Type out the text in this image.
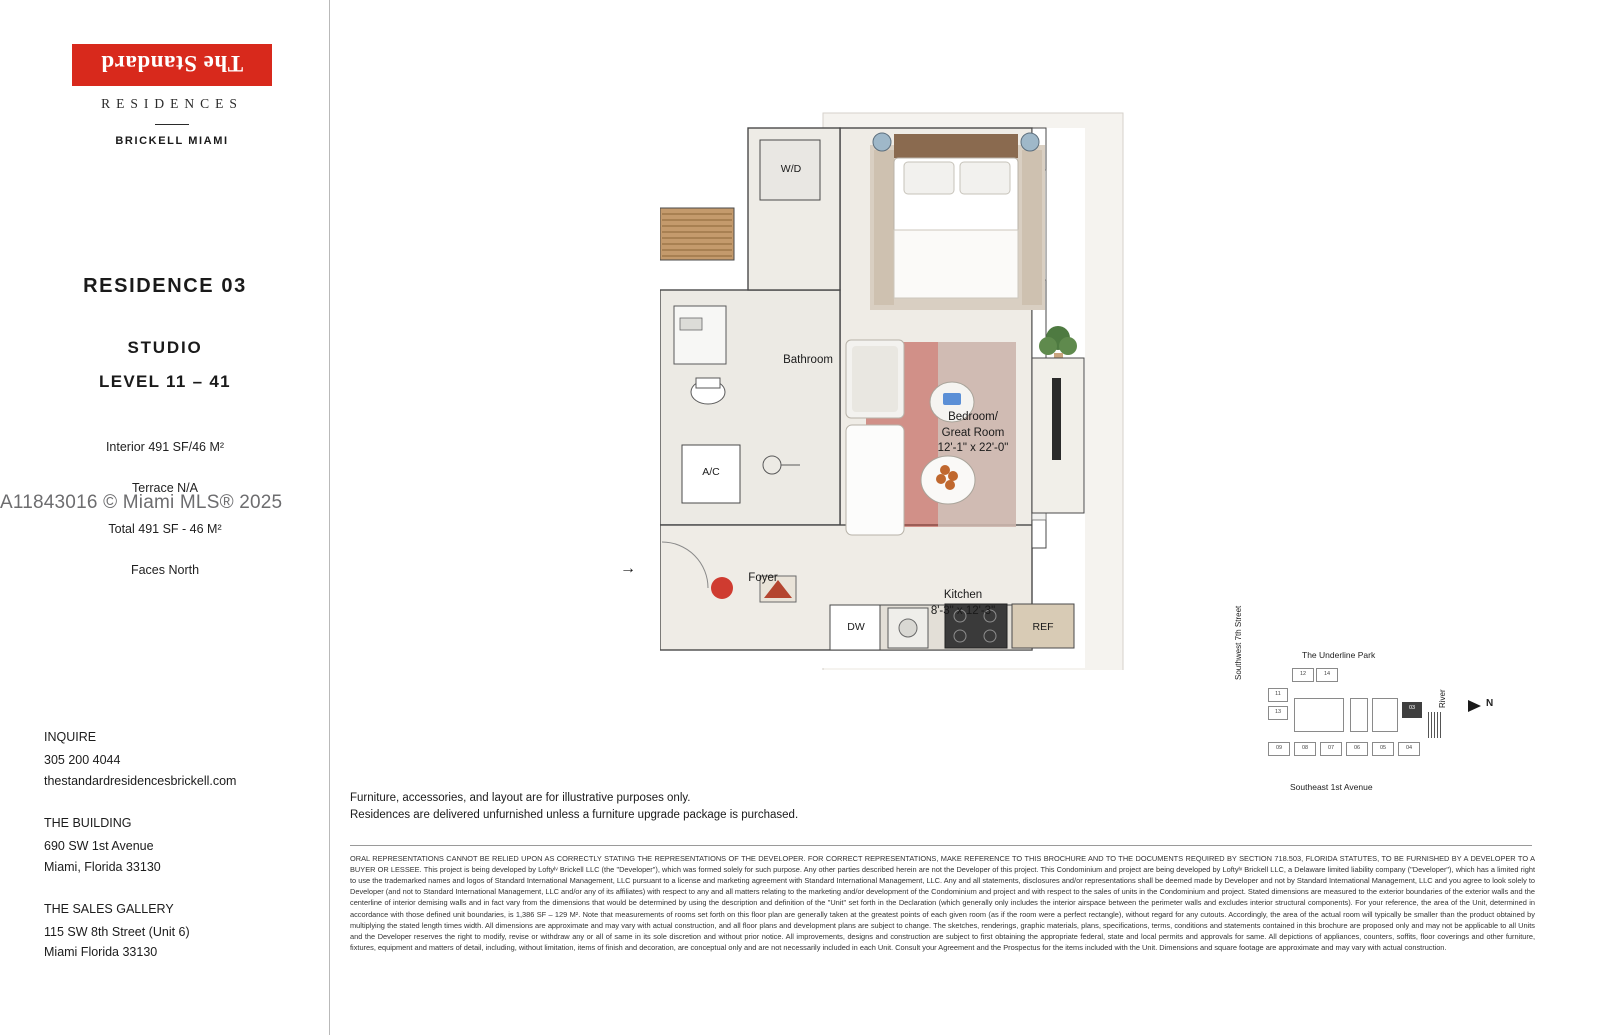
The Standard
RESIDENCES
BRICKELL MIAMI
RESIDENCE 03
STUDIO
LEVEL 11 – 41
Interior 491 SF/46 M²
Terrace N/A
Total 491 SF - 46 M²
Faces North
INQUIRE
305 200 4044
thestandardresidencesbrickell.com
THE BUILDING
690 SW 1st Avenue
Miami, Florida 33130
THE SALES GALLERY
115 SW 8th Street (Unit 6)
Miami Florida 33130
A11843016 © Miami MLS® 2025
Bedroom/
Great Room
12'-1" x 22'-0"
Bathroom
Foyer
Kitchen
8'-3" x 12'-3"
W/D
A/C
DW	REF
→
Furniture, accessories, and layout are for illustrative purposes only.
Residences are delivered unfurnished unless a furniture upgrade package is purchased.
ORAL REPRESENTATIONS CANNOT BE RELIED UPON AS CORRECTLY STATING THE REPRESENTATIONS OF THE DEVELOPER. FOR CORRECT REPRESENTATIONS, MAKE REFERENCE TO THIS BROCHURE AND TO THE DOCUMENTS REQUIRED BY SECTION 718.503, FLORIDA STATUTES, TO BE FURNISHED BY A DEVELOPER TO A BUYER OR LESSEE. This project is being developed by Loftyᴵᵛ Brickell LLC (the "Developer"), which was formed solely for such purpose. Any other parties described herein are not the Developer of this project. This Condominium and project are being developed by Loftyᴵᵛ Brickell LLC, a Delaware limited liability company ("Developer"), which has a limited right to use the trademarked names and logos of Standard International Management, LLC pursuant to a license and marketing agreement with Standard International Management, LLC. Any and all statements, disclosures and/or representations shall be deemed made by Developer and not by Standard International Management, LLC and you agree to look solely to Developer (and not to Standard International Management, LLC and/or any of its affiliates) with respect to any and all matters relating to the marketing and/or development of the Condominium and project and with respect to the sales of units in the Condominium and project. Stated dimensions are measured to the exterior boundaries of the exterior walls and the centerline of interior demising walls and in fact vary from the dimensions that would be determined by using the description and definition of the "Unit" set forth in the Declaration (which generally only includes the interior airspace between the perimeter walls and excludes interior structural components). For your reference, the area of the Unit, determined in accordance with those defined unit boundaries, is 1,386 SF – 129 M². Note that measurements of rooms set forth on this floor plan are generally taken at the greatest points of each given room (as if the room were a perfect rectangle), without regard for any cutouts. Accordingly, the area of the actual room will typically be smaller than the product obtained by multiplying the stated length times width. All dimensions are approximate and may vary with actual construction, and all floor plans and development plans are subject to change. The sketches, renderings, graphic materials, plans, specifications, terms, conditions and statements contained in this brochure are proposed only and may not be applicable to all Units and the Developer reserves the right to modify, revise or withdraw any or all of same in its sole discretion and without prior notice. All improvements, designs and construction are subject to first obtaining the appropriate federal, state and local permits and approvals for same. All depictions of appliances, counters, soffits, floor coverings and other furniture, fixtures, equipment and matters of detail, including, without limitation, items of finish and decoration, are conceptual only and are not necessarily included in each Unit. Consult your Agreement and the Prospectus for the items included with the Unit. Dimensions and square footage are approximate and may vary with actual construction.
The Underline Park
Southwest 7th Street
Southeast 1st Avenue
River
12	14
11
13
03
09	08	07	06	05	04
N
